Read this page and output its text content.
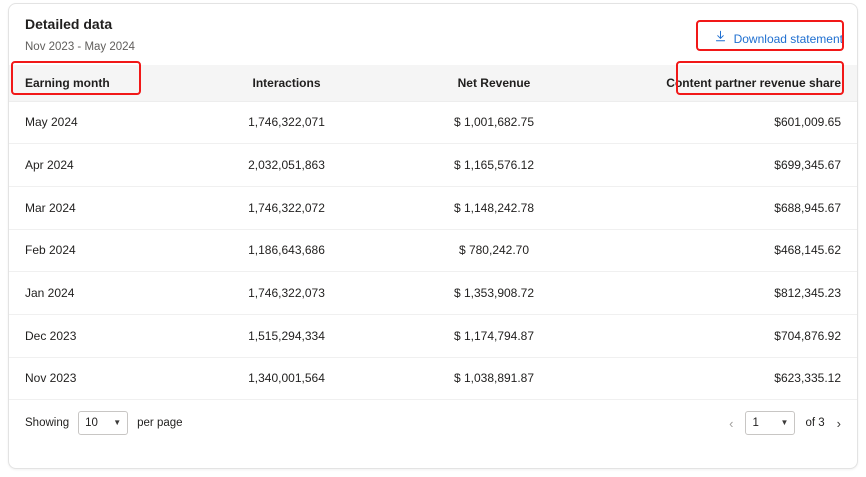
Detailed data
Nov 2023 - May 2024
Download statement
Earning month	Interactions	Net Revenue	Content partner revenue share
May 2024	1,746,322,071	$ 1,001,682.75	$601,009.65
Apr 2024	2,032,051,863	$ 1,165,576.12	$699,345.67
Mar 2024	1,746,322,072	$ 1,148,242.78	$688,945.67
Feb 2024	1,186,643,686	$ 780,242.70	$468,145.62
Jan 2024	1,746,322,073	$ 1,353,908.72	$812,345.23
Dec 2023	1,515,294,334	$ 1,174,794.87	$704,876.92
Nov 2023	1,340,001,564	$ 1,038,891.87	$623,335.12
Showing 10 ▼ per page	‹ 1	▼ of 3 ›
